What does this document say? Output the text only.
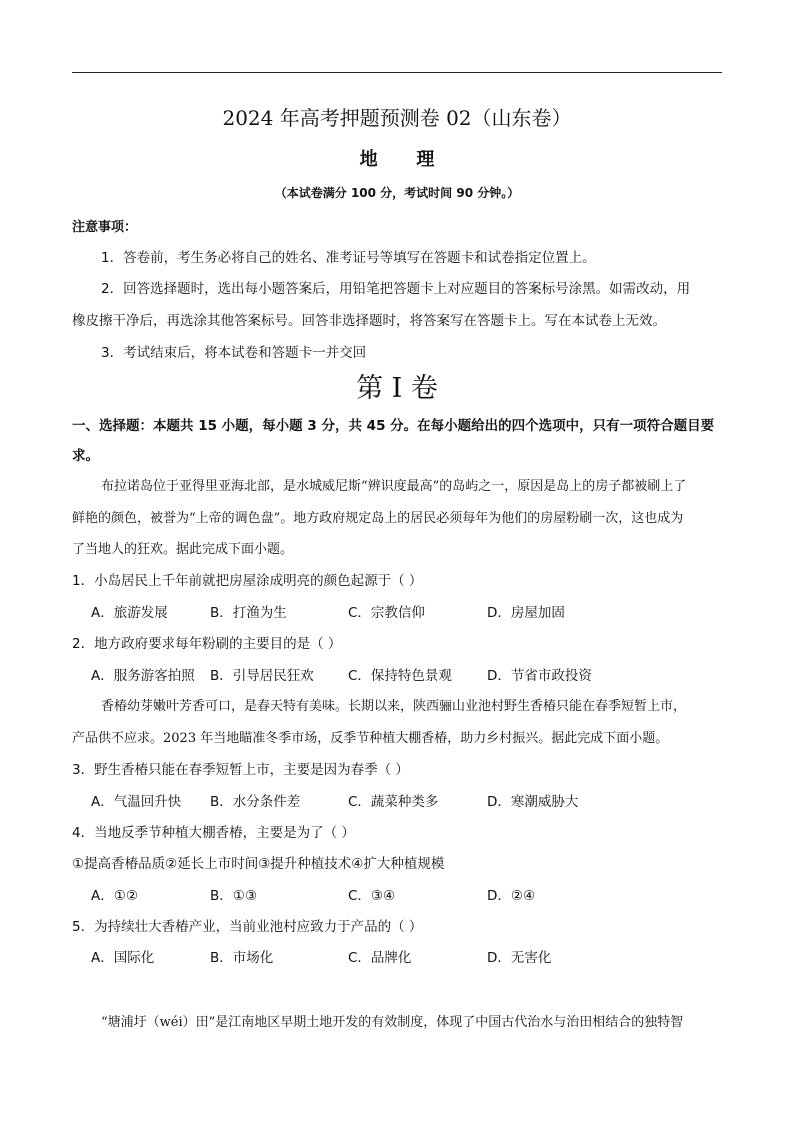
2024 年高考押题预测卷 02（山东卷）
地 理
（本试卷满分 100 分，考试时间 90 分钟。）
注意事项：
1．答卷前，考生务必将自己的姓名、准考证号等填写在答题卡和试卷指定位置上。
2．回答选择题时，选出每小题答案后，用铅笔把答题卡上对应题目的答案标号涂黑。如需改动，用
橡皮擦干净后，再选涂其他答案标号。回答非选择题时，将答案写在答题卡上。写在本试卷上无效。
3．考试结束后，将本试卷和答题卡一并交回
第 I 卷
一、选择题：本题共 15 小题，每小题 3 分，共 45 分。在每小题给出的四个选项中，只有一项符合题目要
求。
布拉诺岛位于亚得里亚海北部，是水城威尼斯“辨识度最高”的岛屿之一，原因是岛上的房子都被刷上了
鲜艳的颜色，被誉为“上帝的调色盘”。地方政府规定岛上的居民必须每年为他们的房屋粉刷一次，这也成为
了当地人的狂欢。据此完成下面小题。
1．小岛居民上千年前就把房屋涂成明亮的颜色起源于（ ）
A．旅游发展	B．打渔为生	C．宗教信仰	D．房屋加固
2．地方政府要求每年粉刷的主要目的是（ ）
A．服务游客拍照 B．引导居民狂欢	C．保持特色景观	D．节省市政投资
香椿幼芽嫩叶芳香可口，是春天特有美味。长期以来，陕西骊山业池村野生香椿只能在春季短暂上市，
产品供不应求。2023 年当地瞄准冬季市场，反季节种植大棚香椿，助力乡村振兴。据此完成下面小题。
3．野生香椿只能在春季短暂上市，主要是因为春季（ ）
A．气温回升快 B．水分条件差	C．蔬菜种类多	D．寒潮威胁大
4．当地反季节种植大棚香椿，主要是为了（ ）
①提高香椿品质②延长上市时间③提升种植技术④扩大种植规模
A．①②	B．①③	C．③④	D．②④
5．为持续壮大香椿产业，当前业池村应致力于产品的（ ）
A．国际化	B．市场化	C．品牌化	D．无害化
“塘浦圩（wéi）田”是江南地区早期土地开发的有效制度，体现了中国古代治水与治田相结合的独特智
